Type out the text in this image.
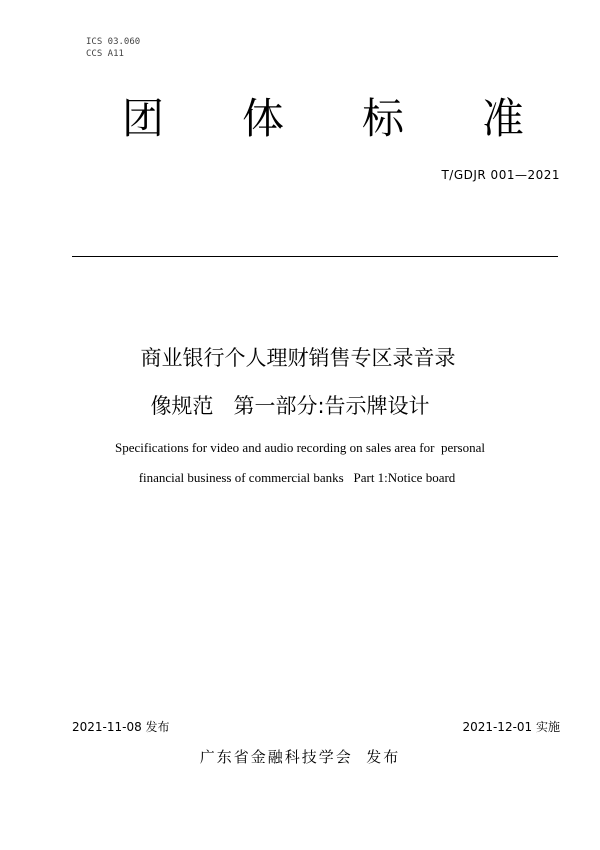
ICS 03.060
CCS A11
团 体 标 准
T/GDJR 001—2021
商业银行个人理财销售专区录音录
像规范   第一部分:告示牌设计
Specifications for video and audio recording on sales area for  personal
financial business of commercial banks   Part 1:Notice board
2021-11-08 发布	2021-12-01 实施
广东省金融科技学会  发布
